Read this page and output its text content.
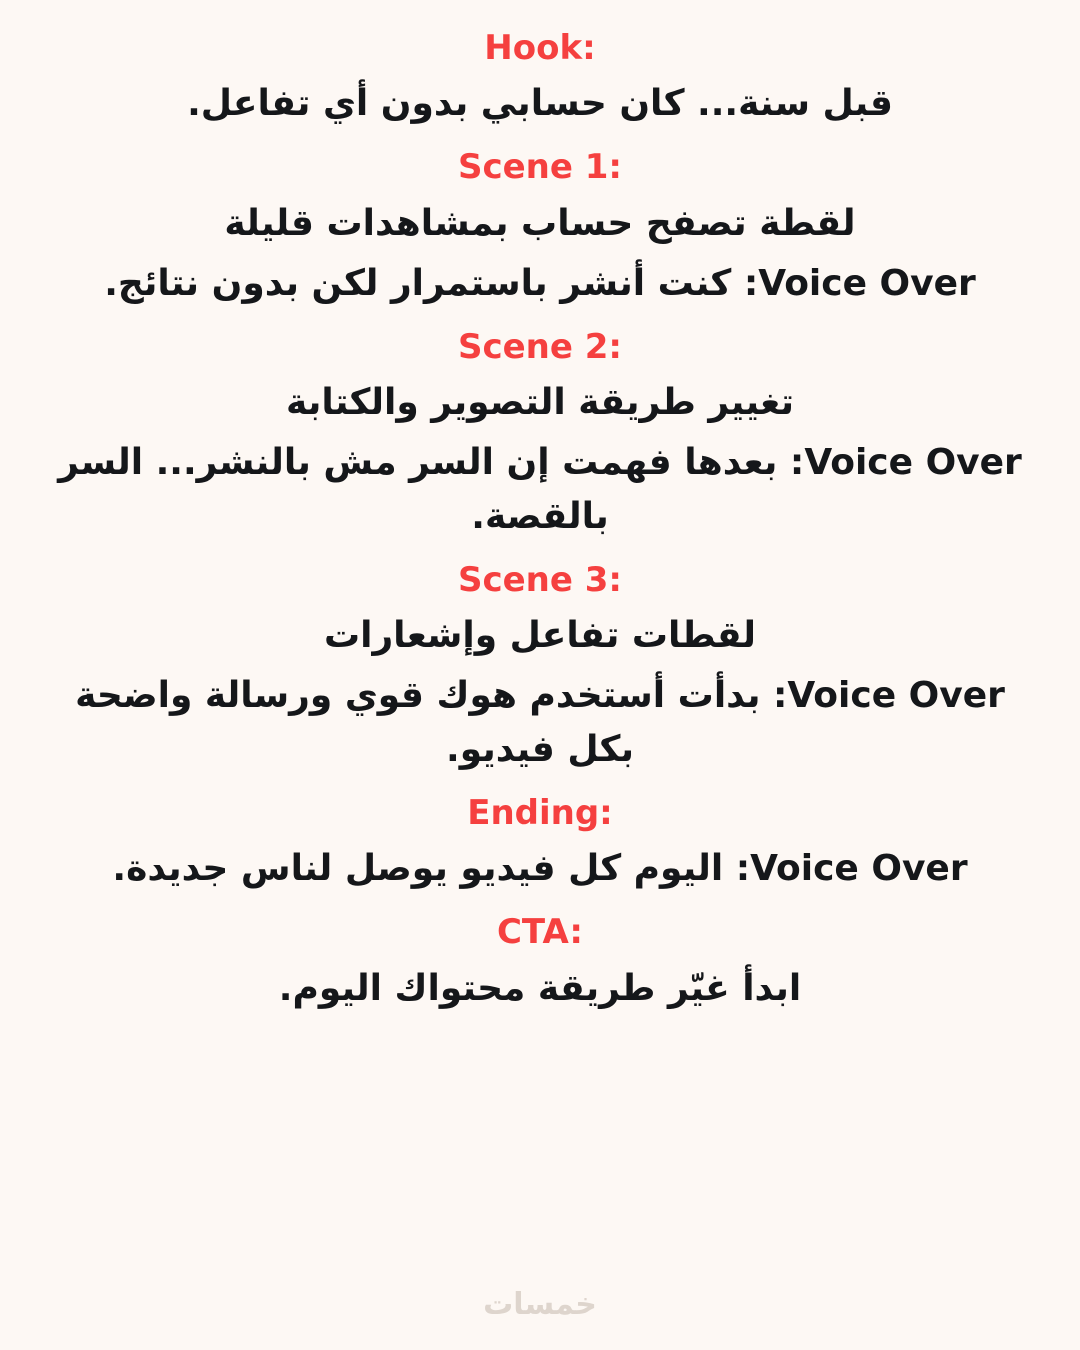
Hook:
قبل سنة... كان حسابي بدون أي تفاعل.
Scene 1:
لقطة تصفح حساب بمشاهدات قليلة
Voice Over: كنت أنشر باستمرار لكن بدون نتائج.
Scene 2:
تغيير طريقة التصوير والكتابة
Voice Over: بعدها فهمت إن السر مش بالنشر... السر بالقصة.
Scene 3:
لقطات تفاعل وإشعارات
Voice Over: بدأت أستخدم هوك قوي ورسالة واضحة بكل فيديو.
Ending:
Voice Over: اليوم كل فيديو يوصل لناس جديدة.
CTA:
ابدأ غيّر طريقة محتواك اليوم.
خمسات
